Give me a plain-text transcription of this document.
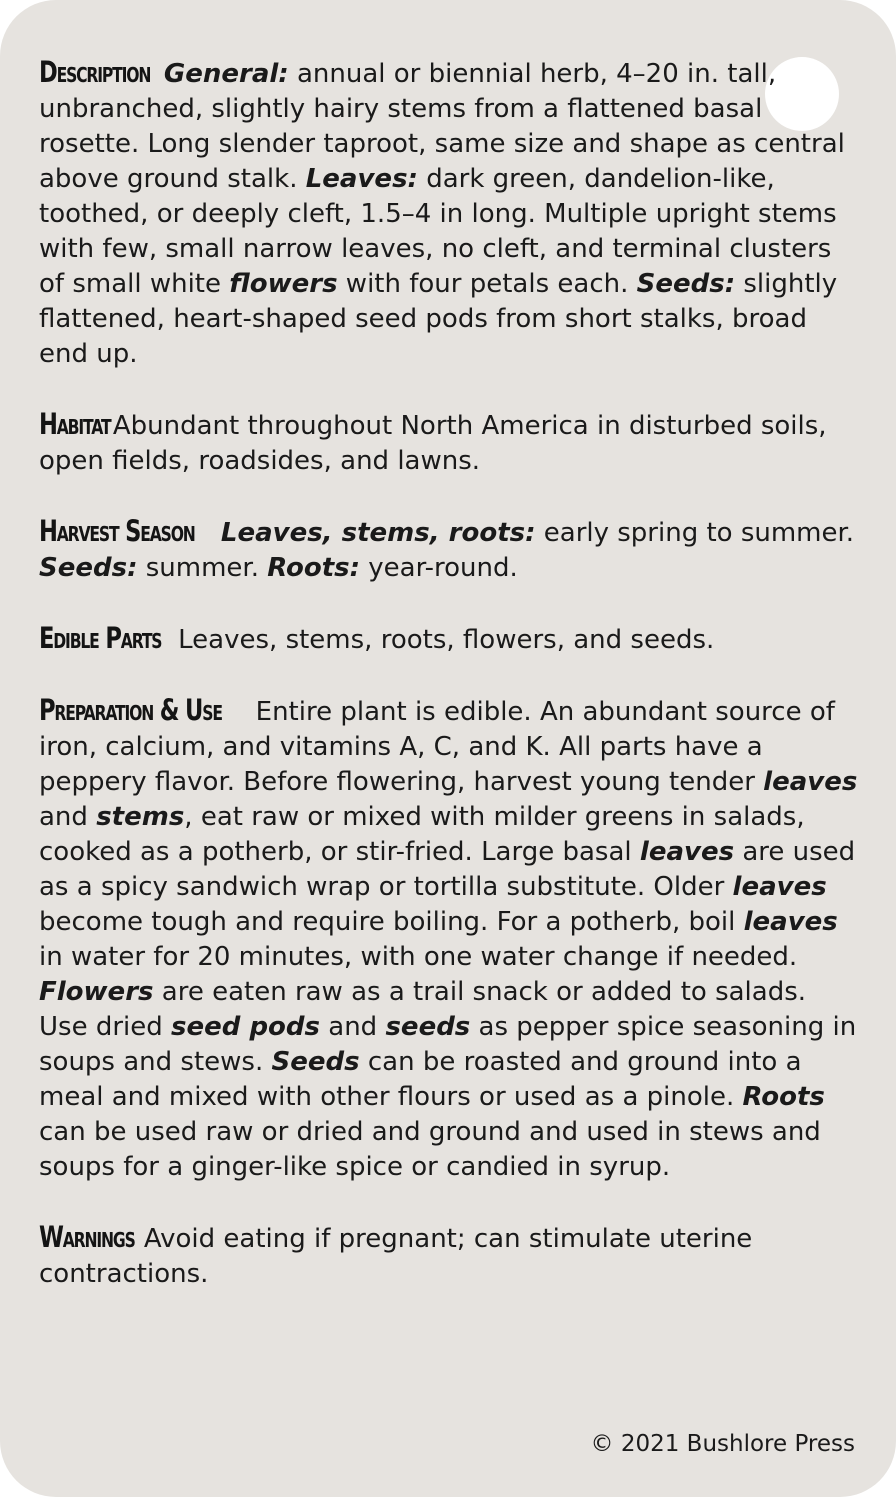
Description General: annual or biennial herb, 4–20 in. tall, unbranched, slightly hairy stems from a flattened basal rosette. Long slender taproot, same size and shape as central above ground stalk. Leaves: dark green, dandelion-like, toothed, or deeply cleft, 1.5–4 in long. Multiple upright stems with few, small narrow leaves, no cleft, and terminal clusters of small white flowers with four petals each. Seeds: slightly flattened, heart-shaped seed pods from short stalks, broad end up.

Habitat Abundant throughout North America in disturbed soils, open fields, roadsides, and lawns.

Harvest Season Leaves, stems, roots: early spring to summer. Seeds: summer. Roots: year-round.

Edible Parts Leaves, stems, roots, flowers, and seeds.

Preparation & Use Entire plant is edible. An abundant source of iron, calcium, and vitamins A, C, and K. All parts have a peppery flavor. Before flowering, harvest young tender leaves and stems, eat raw or mixed with milder greens in salads, cooked as a potherb, or stir-fried. Large basal leaves are used as a spicy sandwich wrap or tortilla substitute. Older leaves become tough and require boiling. For a potherb, boil leaves in water for 20 minutes, with one water change if needed. Flowers are eaten raw as a trail snack or added to salads. Use dried seed pods and seeds as pepper spice seasoning in soups and stews. Seeds can be roasted and ground into a meal and mixed with other flours or used as a pinole. Roots can be used raw or dried and ground and used in stews and soups for a ginger-like spice or candied in syrup.

Warnings Avoid eating if pregnant; can stimulate uterine contractions.

© 2021 Bushlore Press
